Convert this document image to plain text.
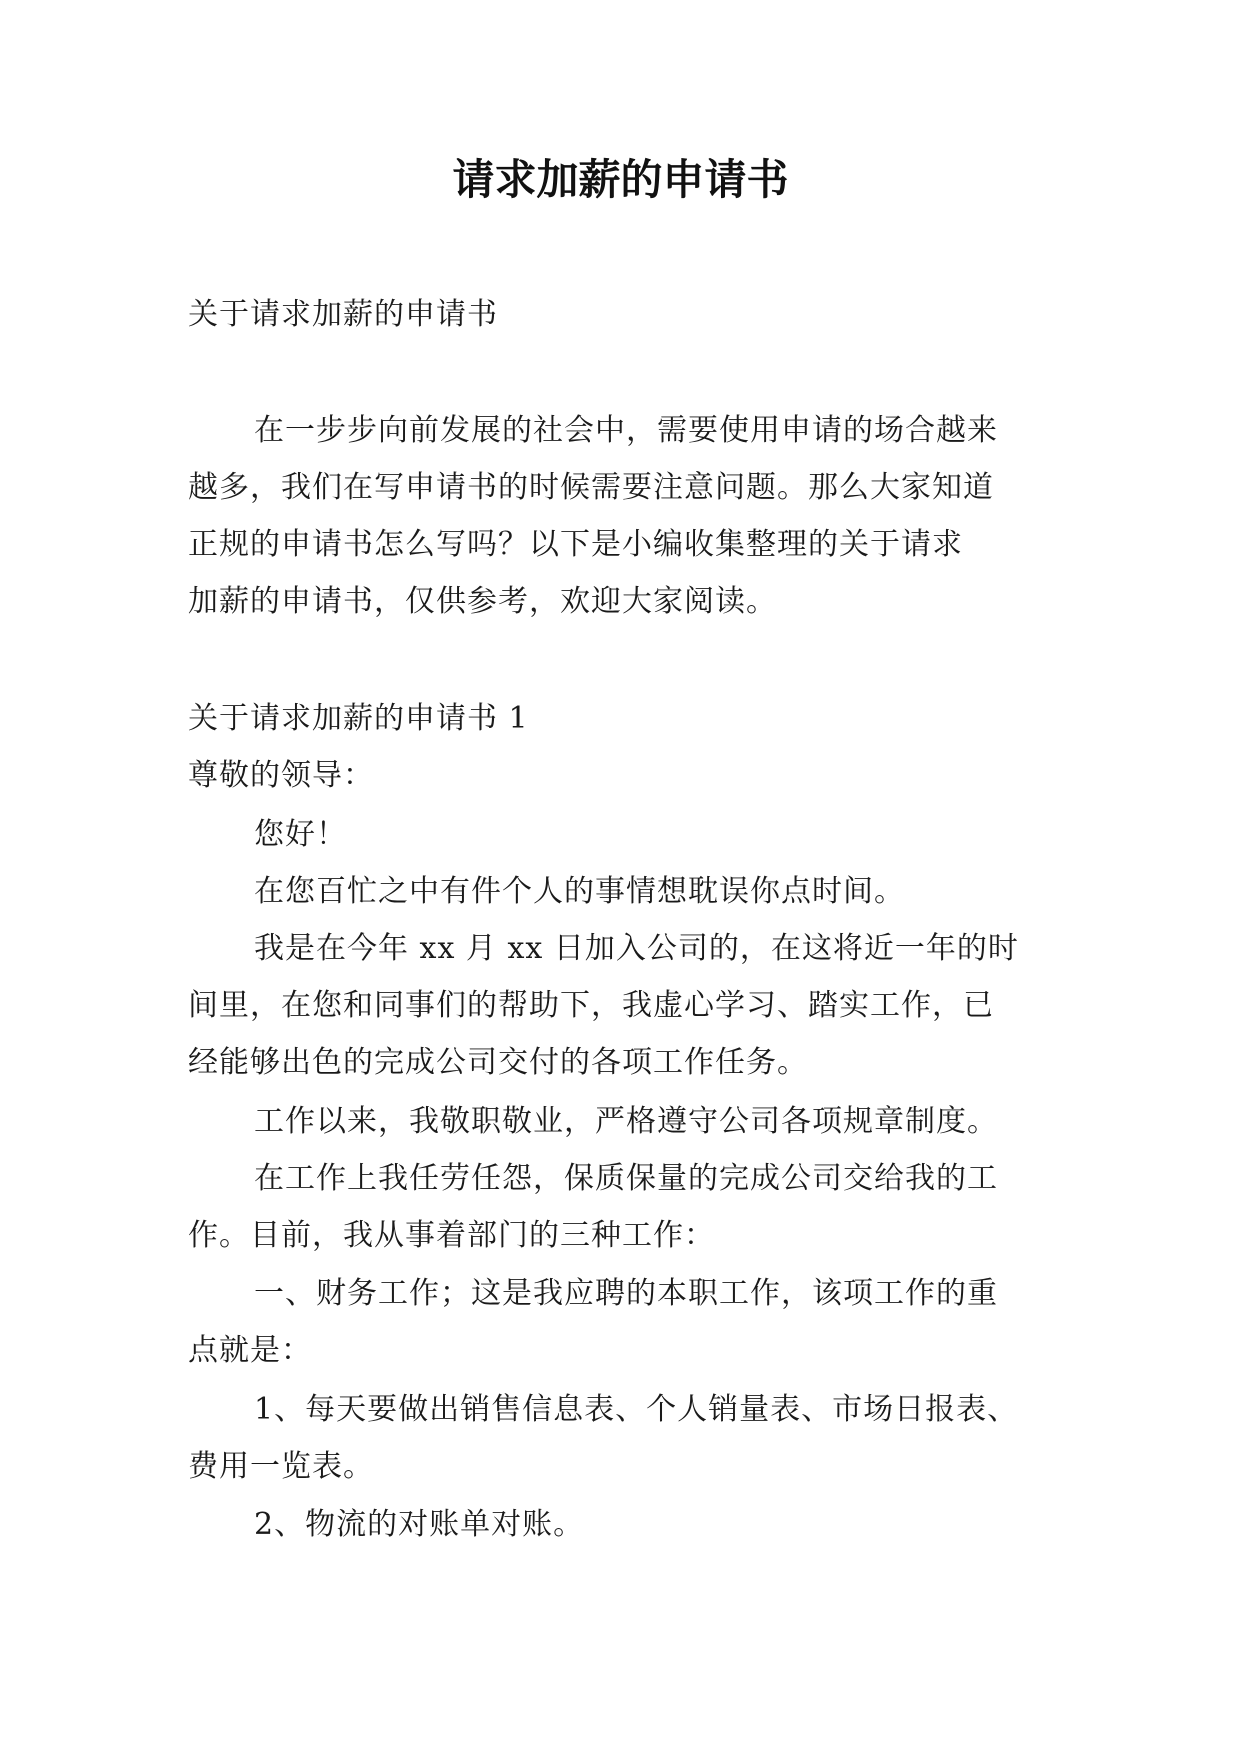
请求加薪的申请书
关于请求加薪的申请书
在一步步向前发展的社会中，需要使用申请的场合越来
越多，我们在写申请书的时候需要注意问题。那么大家知道
正规的申请书怎么写吗？以下是小编收集整理的关于请求
加薪的申请书，仅供参考，欢迎大家阅读。
关于请求加薪的申请书 1
尊敬的领导：
您好！
在您百忙之中有件个人的事情想耽误你点时间。
我是在今年 xx 月 xx 日加入公司的，在这将近一年的时
间里，在您和同事们的帮助下，我虚心学习、踏实工作，已
经能够出色的完成公司交付的各项工作任务。
工作以来，我敬职敬业，严格遵守公司各项规章制度。
在工作上我任劳任怨，保质保量的完成公司交给我的工
作。目前，我从事着部门的三种工作：
一、财务工作；这是我应聘的本职工作，该项工作的重
点就是：
1、每天要做出销售信息表、个人销量表、市场日报表、
费用一览表。
2、物流的对账单对账。
